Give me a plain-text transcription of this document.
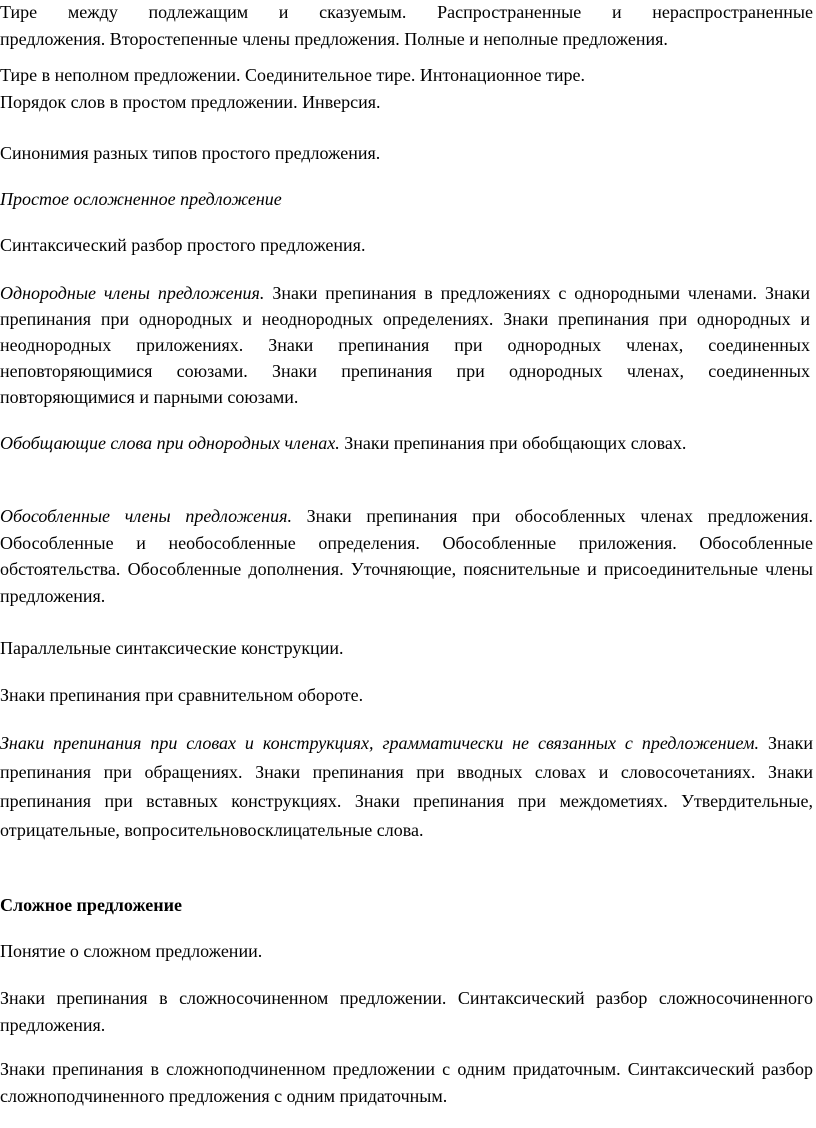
Тире между подлежащим и сказуемым. Распространенные и нераспространенные

предложения. Второстепенные члены предложения. Полные и неполные предложения.

Тире в неполном предложении. Соединительное тире. Интонационное тире.

Порядок слов в простом предложении. Инверсия.

Синонимия разных типов простого предложения.

Простое осложненное предложение

Синтаксический разбор простого предложения.

Однородные члены предложения. Знаки препинания в предложениях с однородными членами. Знаки препинания при однородных и неоднородных определениях. Знаки препинания при однородных и неоднородных приложениях. Знаки препинания при однородных членах, соединенных неповторяющимися союзами. Знаки препинания при однородных членах, соединенных повторяющимися и парными союзами.

Обобщающие слова при однородных членах. Знаки препинания при обобщающих словах.

Обособленные члены предложения. Знаки препинания при обособленных членах предложения. Обособленные и необособленные определения. Обособленные приложения. Обособленные обстоятельства. Обособленные дополнения. Уточняющие, пояснительные и присоединительные члены предложения.

Параллельные синтаксические конструкции.

Знаки препинания при сравнительном обороте.

Знаки препинания при словах и конструкциях, грамматически не связанных с предложением. Знаки препинания при обращениях. Знаки препинания при вводных словах и словосочетаниях. Знаки препинания при вставных конструкциях. Знаки препинания при междометиях. Утвердительные, отрицательные, вопросительновосклицательные слова.

Сложное предложение

Понятие о сложном предложении.

Знаки препинания в сложносочиненном предложении. Синтаксический разбор сложносочиненного предложения.

Знаки препинания в сложноподчиненном предложении с одним придаточным. Синтаксический разбор сложноподчиненного предложения с одним придаточным.
